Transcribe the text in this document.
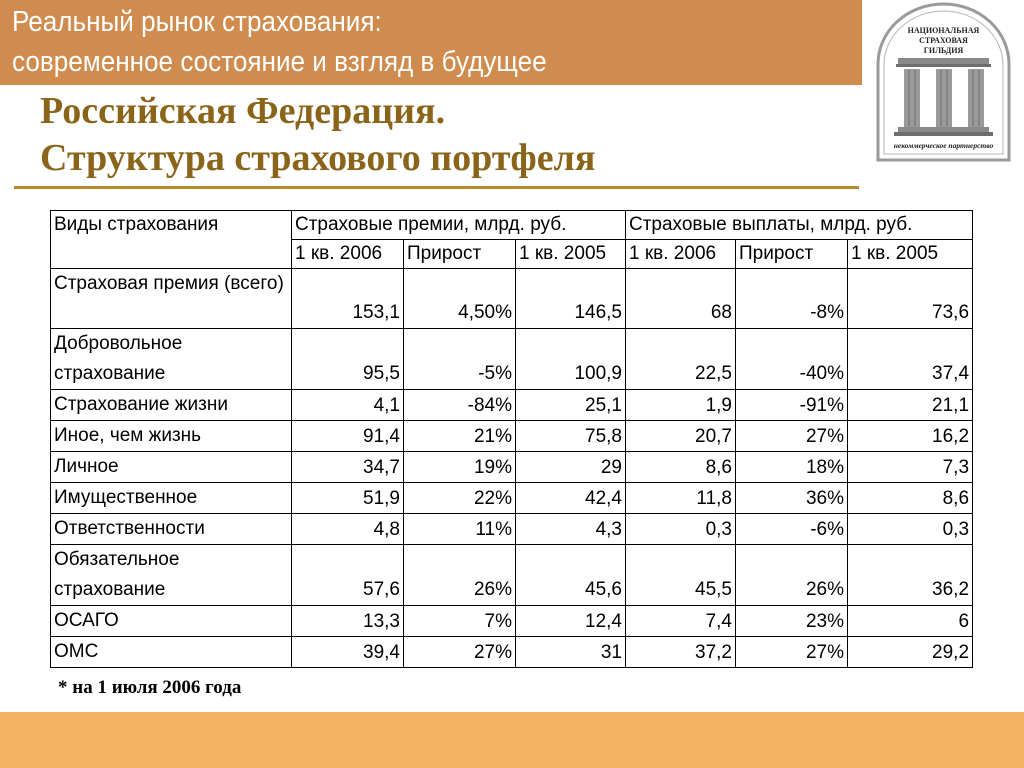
Реальный рынок страхования:
современное состояние и взгляд в будущее
Российская Федерация.
Структура страхового портфеля
НАЦИОНАЛЬНАЯ
СТРАХОВАЯ
ГИЛЬДИЯ
некоммерческое партнерство
Виды страхования	Страховые премии, млрд. руб.			Страховые выплаты, млрд. руб.		
	1 кв. 2006	Прирост	1 кв. 2005	1 кв. 2006	Прирост	1 кв. 2005
Страховая премия (всего)	153,1	4,50%	146,5	68	-8%	73,6
Добровольное страхование	95,5	-5%	100,9	22,5	-40%	37,4
Страхование жизни	4,1	-84%	25,1	1,9	-91%	21,1
Иное, чем жизнь	91,4	21%	75,8	20,7	27%	16,2
Личное	34,7	19%	29	8,6	18%	7,3
Имущественное	51,9	22%	42,4	11,8	36%	8,6
Ответственности	4,8	11%	4,3	0,3	-6%	0,3
Обязательное страхование	57,6	26%	45,6	45,5	26%	36,2
ОСАГО	13,3	7%	12,4	7,4	23%	6
ОМС	39,4	27%	31	37,2	27%	29,2
* на 1 июля 2006 года
